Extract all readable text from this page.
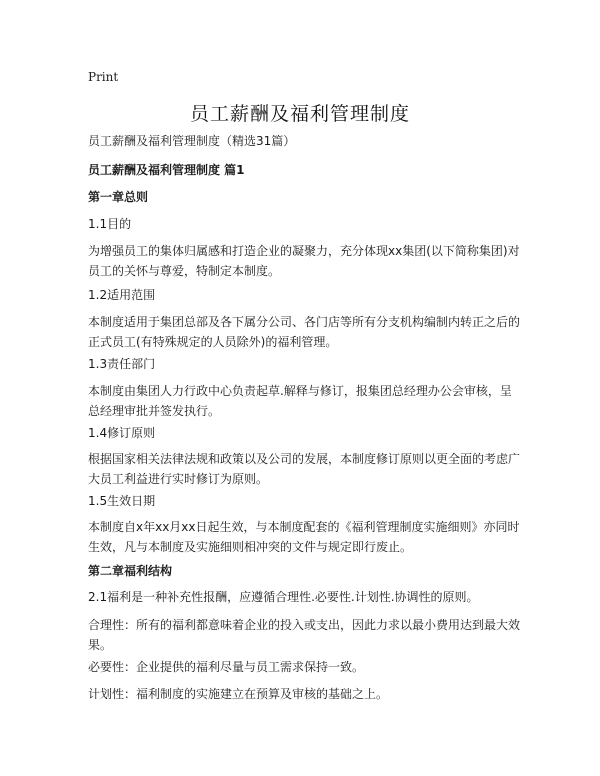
Print
员工薪酬及福利管理制度
员工薪酬及福利管理制度（精选31篇）
员工薪酬及福利管理制度 篇1
第一章总则
1.1目的
为增强员工的集体归属感和打造企业的凝聚力，充分体现xx集团(以下简称集团)对员工的关怀与尊爱，特制定本制度。
1.2适用范围
本制度适用于集团总部及各下属分公司、各门店等所有分支机构编制内转正之后的正式员工(有特殊规定的人员除外)的福利管理。
1.3责任部门
本制度由集团人力行政中心负责起草.解释与修订，报集团总经理办公会审核，呈总经理审批并签发执行。
1.4修订原则
根据国家相关法律法规和政策以及公司的发展，本制度修订原则以更全面的考虑广大员工利益进行实时修订为原则。
1.5生效日期
本制度自x年xx月xx日起生效，与本制度配套的《福利管理制度实施细则》亦同时生效，凡与本制度及实施细则相冲突的文件与规定即行废止。
第二章福利结构
2.1福利是一种补充性报酬，应遵循合理性.必要性.计划性.协调性的原则。
合理性：所有的福利都意味着企业的投入或支出，因此力求以最小费用达到最大效果。
必要性：企业提供的福利尽量与员工需求保持一致。
计划性：福利制度的实施建立在预算及审核的基础之上。
